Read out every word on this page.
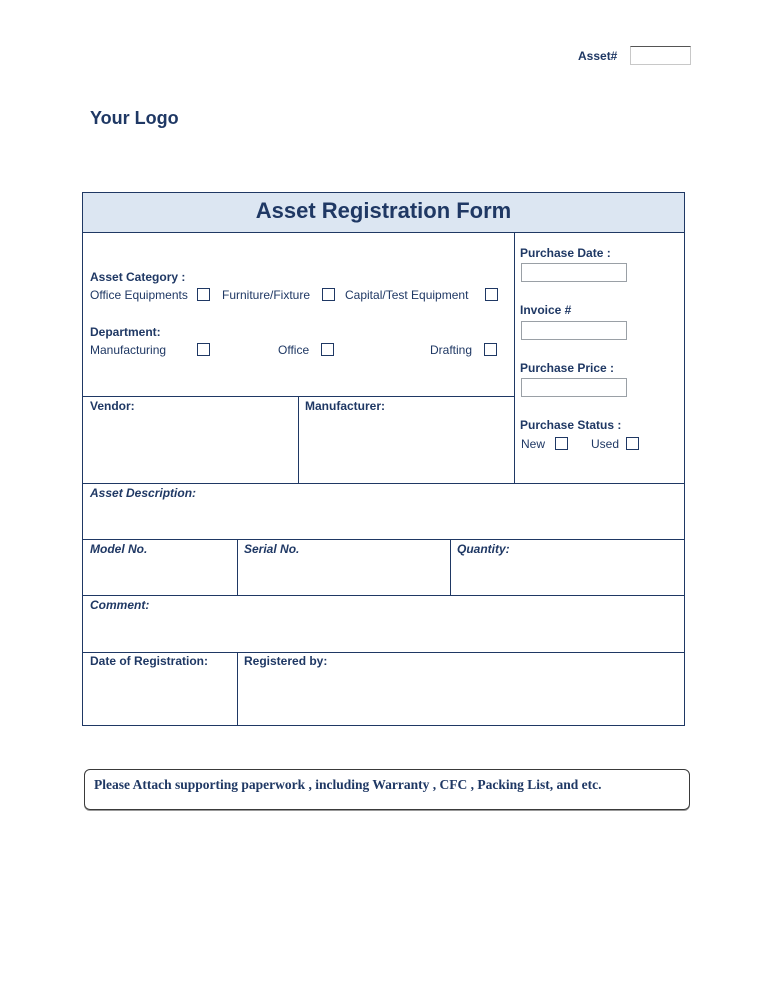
Asset#
Your Logo
Asset Registration Form
Asset Category :
Office Equipments	Furniture/Fixture	Capital/Test Equipment
Department:
Manufacturing	Office	Drafting
Purchase Date :
Invoice #
Purchase Price :
Purchase Status :
New	Used
Vendor:	Manufacturer:
Asset Description:
Model No.	Serial No.	Quantity:
Comment:
Date of Registration:	Registered by:
Please Attach supporting paperwork , including Warranty , CFC , Packing List, and etc.
